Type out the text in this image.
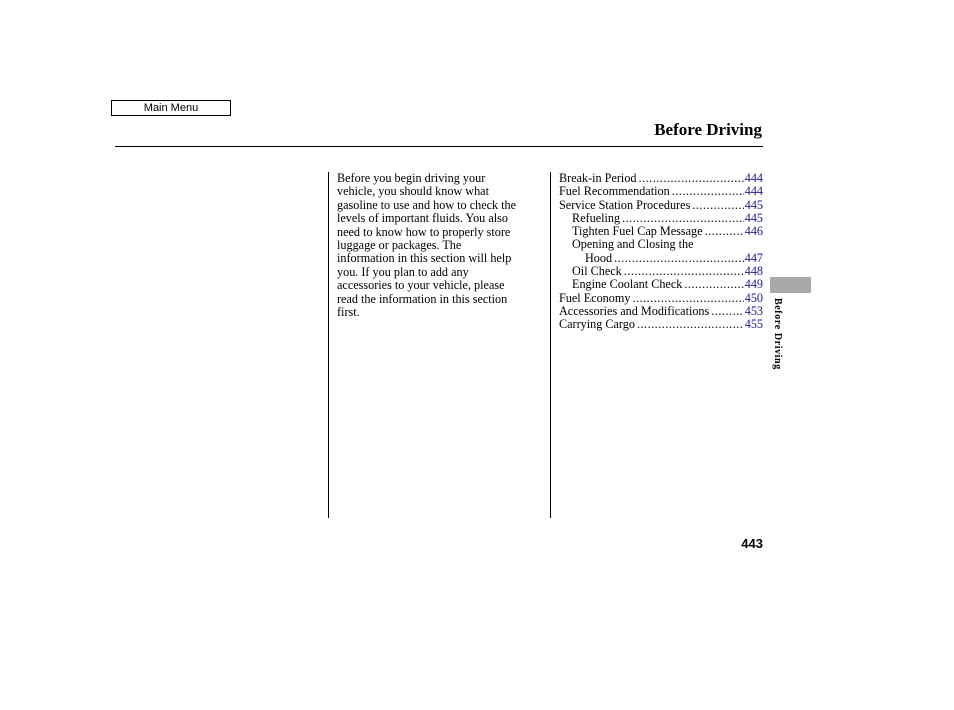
Main Menu
Before Driving
Before you begin driving your
vehicle, you should know what
gasoline to use and how to check the
levels of important fluids. You also
need to know how to properly store
luggage or packages. The
information in this section will help
you. If you plan to add any
accessories to your vehicle, please
read the information in this section
first.
Break-in Period .....	444
Fuel Recommendation .....	444
Service Station Procedures .....	445
Refueling .....	445
Tighten Fuel Cap Message .....	446
Opening and Closing the
Hood .....	447
Oil Check .....	448
Engine Coolant Check .....	449
Fuel Economy .....	450
Accessories and Modifications .....	453
Carrying Cargo .....	455 Before Driving
443
